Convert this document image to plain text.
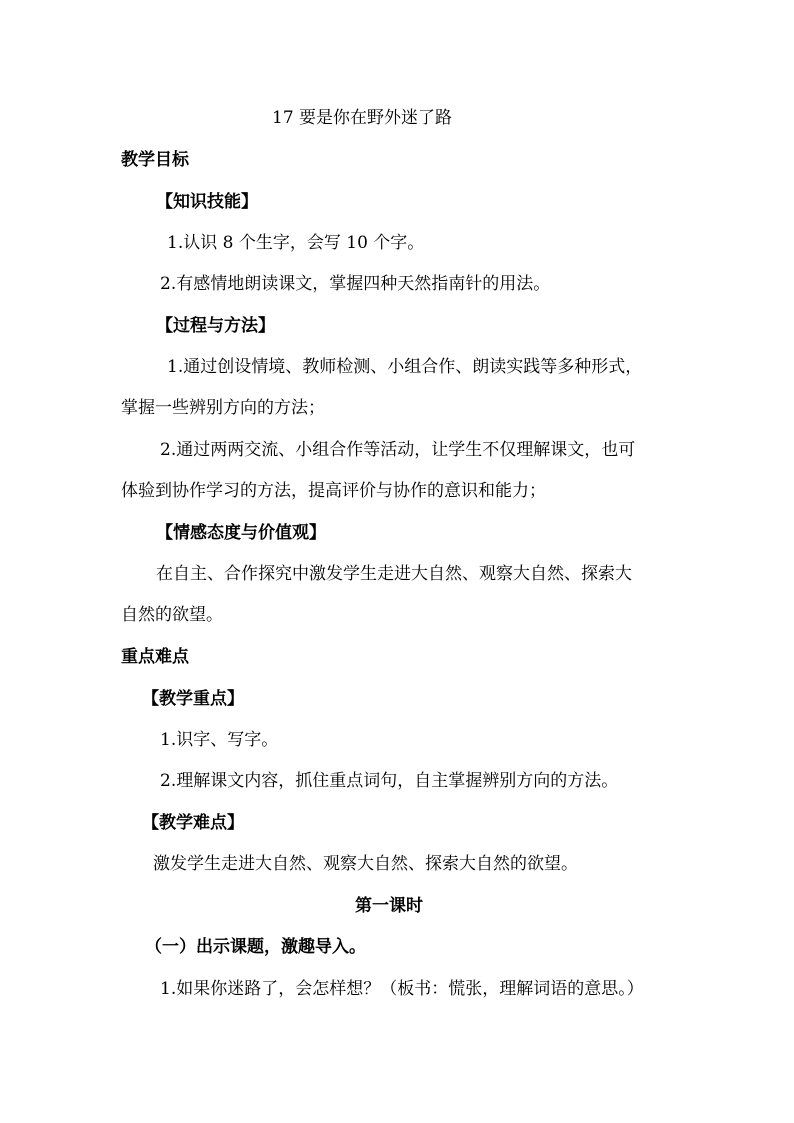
17 要是你在野外迷了路
教学目标
【知识技能】
1.认识 8 个生字，会写 10 个字。
2.有感情地朗读课文，掌握四种天然指南针的用法。
【过程与方法】
1.通过创设情境、教师检测、小组合作、朗读实践等多种形式，
掌握一些辨别方向的方法；
2.通过两两交流、小组合作等活动，让学生不仅理解课文，也可
体验到协作学习的方法，提高评价与协作的意识和能力；
【情感态度与价值观】
在自主、合作探究中激发学生走进大自然、观察大自然、探索大
自然的欲望。
重点难点
【教学重点】
1.识字、写字。
2.理解课文内容，抓住重点词句，自主掌握辨别方向的方法。
【教学难点】
激发学生走进大自然、观察大自然、探索大自然的欲望。
第一课时
（一）出示课题，激趣导入。
1.如果你迷路了，会怎样想？（板书：慌张，理解词语的意思。）
